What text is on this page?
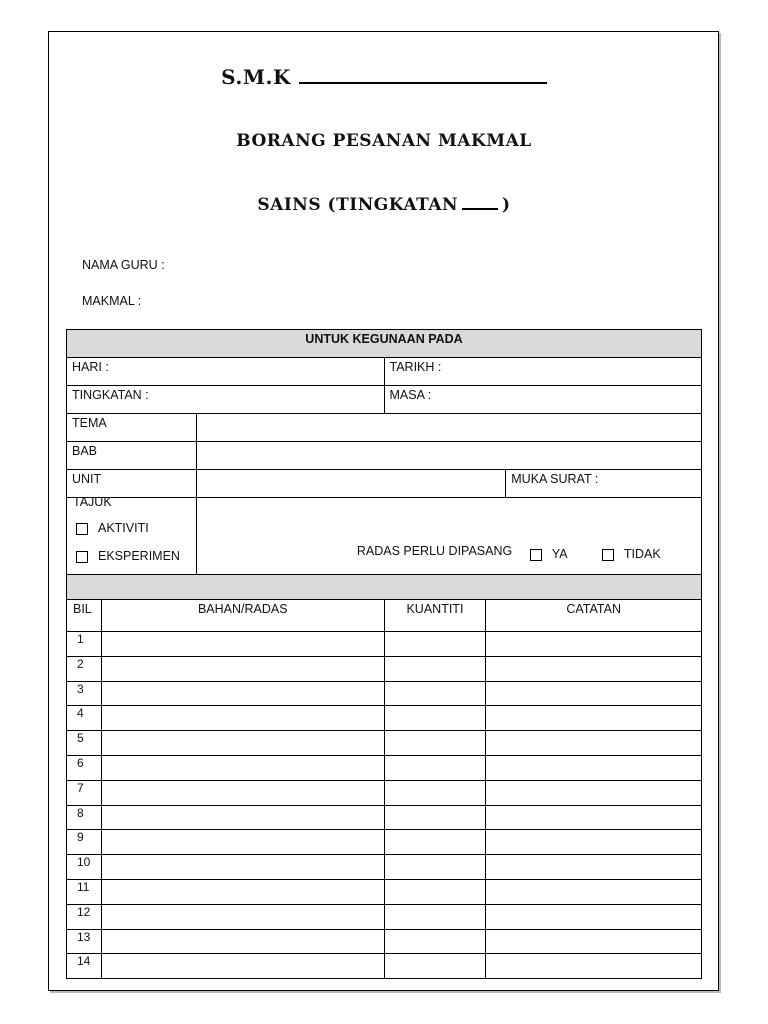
S.M.K
BORANG PESANAN MAKMAL
SAINS (TINGKATAN	)
NAMA GURU :
MAKMAL :
UNTUK KEGUNAAN PADA			
HARI :		TARIKH :	
TINGKATAN :		MASA :	
TEMA			
BAB			
UNIT			MUKA SURAT :

TAJUK
AKTIVITI
EKSPERIMEN	RADAS PERLU DIPASANG YA TIDAK		

BIL	BAHAN/RADAS	KUANTITI	CATATAN
1			
2			
3			
4			
5			
6			
7			
8			
9			
10			
11			
12			
13			
14			
